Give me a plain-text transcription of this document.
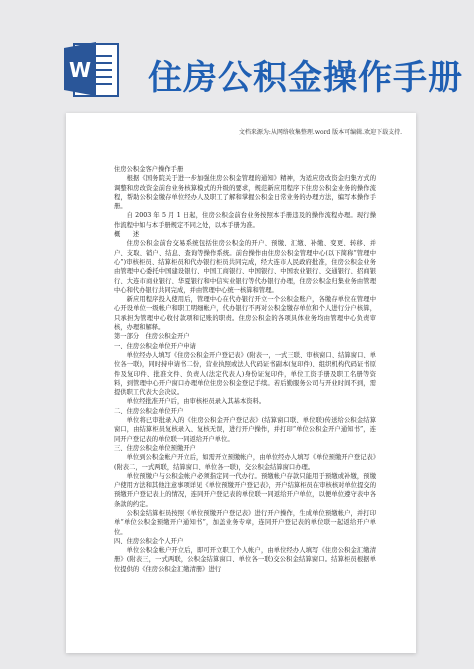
W 住房公积金操作手册
文档来源为:从网络收集整理.word 版本可编辑.欢迎下载支持.
住房公积金客户操作手册
根据《国务院关于进一步加强住房公积金管理的通知》精神，为适应房改资金归集方式的调整和房改资金前台业务核算模式的升级的要求，规范新应用程序下住房公积金业务的操作流程，帮助公积金缴存单位经办人及职工了解和掌握公积金日常业务的办理方法，编写本操作手册。
自 2003 年 5 月 1 日起，住房公积金前台业务按照本手册违及的操作流程办理。现行操作流程中如与本手册规定不同之处，以本手册为准。
概　　述
住房公积金前台交易系统包括住房公积金的开户、预缴、汇缴、补缴、变更、转移、并户、支取、销户、结息、查询等操作系统。前台操作由住房公积金管理中心(以下简称“管理中心”)审核柜员、结算柜员和代办银行柜员共同完成，经大连市人民政府批准，住房公积金业务由管理中心委托中国建设银行、中国工商银行、中国银行、中国农业银行、交通银行、招商银行、大连市商业银行、华夏银行和中信实业银行等代办银行办理，住房公积金归集业务由管理中心和代办银行共同完成，并由管理中心统一核算和管理。
新应用程序投入使用后，管理中心在代办银行开立一个公积金账户，各缴存单位在管理中心开设单位一级帐户和职工明细帐户，代办银行不再对公积金缴存单位和个人进行分户核算，只承担为管理中心收付款项和记账的职责。住房公积金的各项具体业务均由管理中心负责审核，办理和解释。
第一部分　住房公积金开户
一、住房公积金单位开户申请
单位经办人填写《住房公积金开户登记表》(附表一，一式三联、审核窗口、结算窗口、单位各一联)，同时持申请书二份，营业执照或法人代码证书副本(复印件)、组织机构代码证书原件及复印件、批准文件、负责人(法定代表人)身份证复印件，单位工资手册及职工名册等资料，到管理中心开户窗口办理单位住房公积金登记手续。若后勤服务公司与开业时间不到，需提供职工代表大会决议。
单位经批准开户后，由审核柜员录入其基本资料。
二、住房公积金单位开户
单位将已审批录入的《住房公积金开户登记表》(结算窗口联、单位联)传送给公积金结算窗口，由结算柜员复核录入、复核无误，进行开户操作，并打印“单位公积金开户通知书”，连同开户登记表的单位联一同返给开户单位。
三、住房公积金单位预缴开户
单位到公积金帐户开立后，如需开立预缴帐户，由单位经办人填写《单位预缴开户登记表》(附表二，一式两联，结算窗口、单位各一联)，交公积金结算窗口办理。
单位预缴户与公积金帐户必须指定同一代办行。预缴帐户存款只能用于预缴或补缴，预缴户使用方法和其他注意事项详见《单位预缴开户登记表》，开户结算柜员在审核核对单位提交的预缴开户登记表上的情况，连同开户登记表的单位联一同返给开户单位，以便单位遵守表中各条款的约定。
公积金结算柜员按照《单位预缴开户登记表》进行开户操作，生成单位预缴帐户，并打印单“单位公积金预缴开户通知书”，加盖业务专章，连同开户登记表的单位联一起返给开户单位。
四、住房公积金个人开户
单位公积金帐户开立后，即可开立职工个人帐户，由单位经办人填写《住房公积金汇缴清册》(附表三，一式两联，公积金结算窗口、单位各一联)交公积金结算窗口。结算柜员根据单位提供的《住房公积金汇缴清册》进行
